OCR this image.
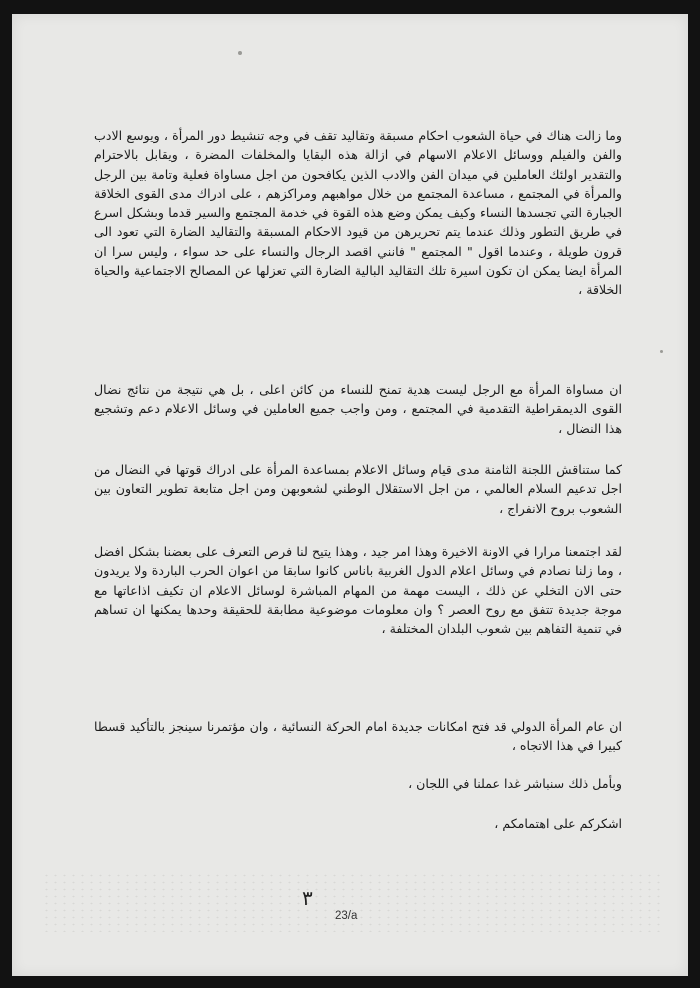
وما زالت هناك في حياة الشعوب احكام مسبقة وتقاليد تقف في وجه تنشيط دور المرأة ، ويوسع الادب والفن والفيلم ووسائل الاعلام الاسهام في ازالة هذه البقايا والمخلفات المضرة ، ويقابل بالاحترام والتقدير اولئك العاملين في ميدان الفن والادب الذين يكافحون من اجل مساواة فعلية وتامة بين الرجل والمرأة في المجتمع ، مساعدة المجتمع من خلال مواهبهم ومراكزهم ، على ادراك مدى القوى الخلاقة الجبارة التي تجسدها النساء وكيف يمكن وضع هذه القوة في خدمة المجتمع والسير قدما وبشكل اسرع في طريق التطور وذلك عندما يتم تحريرهن من قيود الاحكام المسبقة والتقاليد الضارة التي تعود الى قرون طويلة ، وعندما اقول " المجتمع " فانني اقصد الرجال والنساء على حد سواء ، وليس سرا ان المرأة ايضا يمكن ان تكون اسيرة تلك التقاليد البالية الضارة التي تعزلها عن المصالح الاجتماعية والحياة الخلاقة ،

ان مساواة المرأة مع الرجل ليست هدية تمنح للنساء من كائن اعلى ، بل هي نتيجة من نتائج نضال القوى الديمقراطية التقدمية في المجتمع ، ومن واجب جميع العاملين في وسائل الاعلام دعم وتشجيع هذا النضال ،

كما ستناقش اللجنة الثامنة مدى قيام وسائل الاعلام بمساعدة المرأة على ادراك قوتها في النضال من اجل تدعيم السلام العالمي ، من اجل الاستقلال الوطني لشعوبهن ومن اجل متابعة تطوير التعاون بين الشعوب بروح الانفراج ،

لقد اجتمعنا مرارا في الاونة الاخيرة وهذا امر جيد ، وهذا يتيح لنا فرص التعرف على بعضنا بشكل افضل ، وما زلنا نصادم في وسائل اعلام الدول الغربية باناس كانوا سابقا من اعوان الحرب الباردة ولا يريدون حتى الان التخلي عن ذلك ، اليست مهمة من المهام المباشرة لوسائل الاعلام ان تكيف اذاعاتها مع موجة جديدة تتفق مع روح العصر ؟ وان معلومات موضوعية مطابقة للحقيقة وحدها يمكنها ان تساهم في تنمية التفاهم بين شعوب البلدان المختلفة ،

ان عام المرأة الدولي قد فتح امكانات جديدة امام الحركة النسائية ، وان مؤتمرنا سينجز بالتأكيد قسطا كبيرا في هذا الاتجاه ،

وبأمل ذلك سنباشر غدا عملنا في اللجان ،

اشكركم على اهتمامكم ،

٣
23/a
